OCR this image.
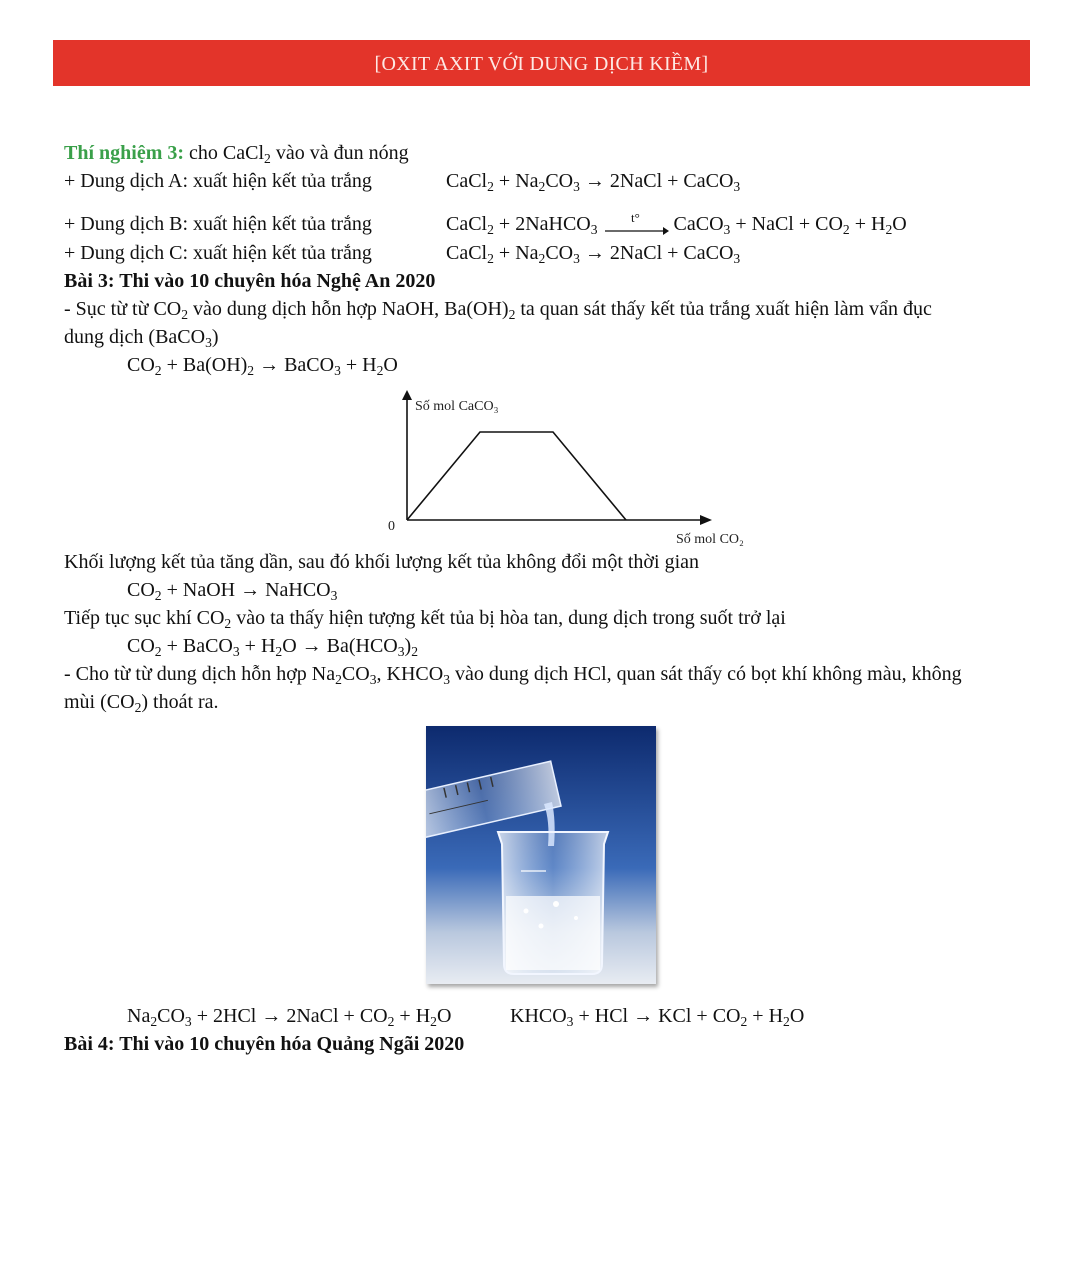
[OXIT AXIT VỚI DUNG DỊCH KIỀM]
Thí nghiệm 3: cho CaCl$_2$ vào và đun nóng
+ Dung dịch A: xuất hiện kết tủa trắng	CaCl$_2$ + $Na_2CO_3$ → 2NaCl + CaCO$_3$
+ Dung dịch B: xuất hiện kết tủa trắng	CaCl$_2$ + 2NaHCO$_3$
t° CaCO$_3$ + NaCl + $CO_2 + H_2O$
+ Dung dịch C: xuất hiện kết tủa trắng	CaCl$_2$ + $Na_2CO_3$ → 2NaCl + CaCO$_3$
Bài 3: Thi vào 10 chuyên hóa Nghệ An 2020
- Sục từ từ $CO_2$ vào dung dịch hỗn hợp NaOH, $Ba(OH)_2$ ta quan sát thấy kết tủa trắng xuất hiện làm vẩn đục
dung dịch (BaCO$_3$)
$CO_2 + Ba(OH)_2$ → BaCO$_3$ + $H_2O$
Số mol CaCO₃
0
Số mol CO₂
Khối lượng kết tủa tăng dần, sau đó khối lượng kết tủa không đổi một thời gian
$CO_2$ + NaOH → NaHCO$_3$
Tiếp tục sục khí $CO_2$ vào ta thấy hiện tượng kết tủa bị hòa tan, dung dịch trong suốt trở lại
$CO_2$ + BaCO$_3$ + $H_2O \to Ba(HCO_3)_2$
- Cho từ từ dung dịch hỗn hợp $Na_2CO_3$, $KHCO_3$ vào dung dịch HCl, quan sát thấy có bọt khí không màu, không
mùi $(CO_2)$ thoát ra.
$Na_2CO_3 + 2HCl$ → 2NaCl + $CO_2 + H_2O$	$KHCO_3$ + HCl → KCl + $CO_2 + H_2O$
Bài 4: Thi vào 10 chuyên hóa Quảng Ngãi 2020
